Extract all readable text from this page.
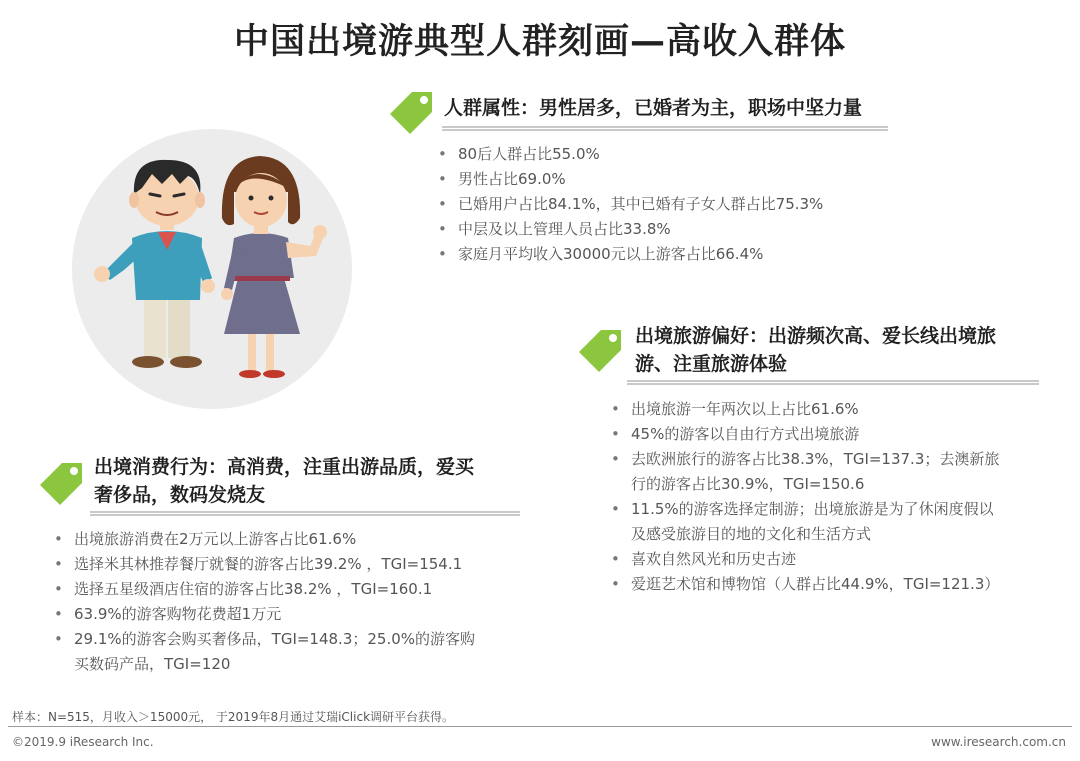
中国出境游典型人群刻画—高收入群体
人群属性：男性居多，已婚者为主，职场中坚力量
• 80后人群占比55.0%
• 男性占比69.0%
• 已婚用户占比84.1%，其中已婚有子女人群占比75.3%
• 中层及以上管理人员占比33.8%
• 家庭月平均收入30000元以上游客占比66.4%
出境旅游偏好：出游频次高、爱长线出境旅
游、注重旅游体验
• 出境旅游一年两次以上占比61.6%
• 45%的游客以自由行方式出境旅游
• 去欧洲旅行的游客占比38.3%，TGI=137.3；去澳新旅
行的游客占比30.9%，TGI=150.6
• 11.5%的游客选择定制游；出境旅游是为了休闲度假以
及感受旅游目的地的文化和生活方式
• 喜欢自然风光和历史古迹
• 爱逛艺术馆和博物馆（人群占比44.9%，TGI=121.3）
出境消费行为：高消费，注重出游品质，爱买
奢侈品，数码发烧友
• 出境旅游消费在2万元以上游客占比61.6%
• 选择米其林推荐餐厅就餐的游客占比39.2% ，TGI=154.1
• 选择五星级酒店住宿的游客占比38.2% ，TGI=160.1
• 63.9%的游客购物花费超1万元
• 29.1%的游客会购买奢侈品，TGI=148.3；25.0%的游客购
买数码产品，TGI=120
样本：N=515，月收入＞15000元， 于2019年8月通过艾瑞iClick调研平台获得。
©2019.9 iResearch Inc.	www.iresearch.com.cn
